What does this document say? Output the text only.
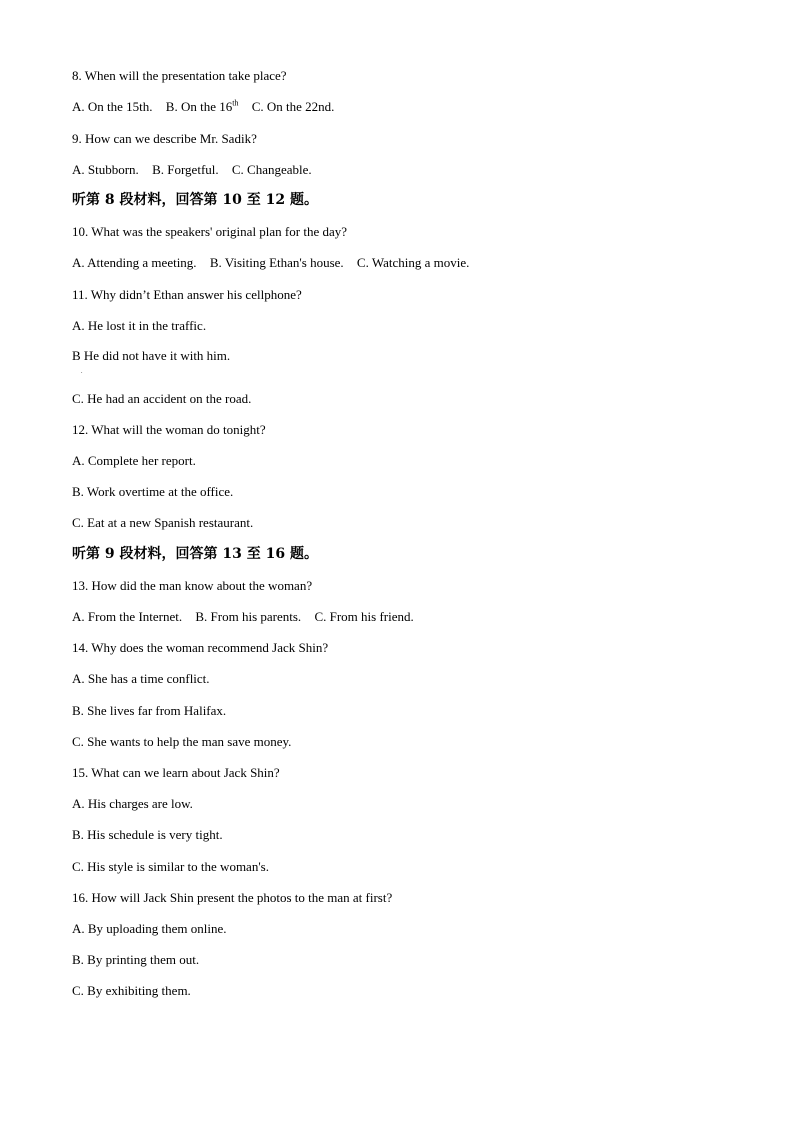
8. When will the presentation take place?
A. On the 15th. B. On the 16th C. On the 22nd.
9. How can we describe Mr. Sadik?
A. Stubborn. B. Forgetful. C. Changeable.
听第 8 段材料，回答第 10 至 12 题。
10. What was the speakers' original plan for the day?
A. Attending a meeting. B. Visiting Ethan's house. C. Watching a movie.
11. Why didn’t Ethan answer his cellphone?
A. He lost it in the traffic.
B He did not have it with him.
.
C. He had an accident on the road.
12. What will the woman do tonight?
A. Complete her report.
B. Work overtime at the office.
C. Eat at a new Spanish restaurant.
听第 9 段材料，回答第 13 至 16 题。
13. How did the man know about the woman?
A. From the Internet. B. From his parents. C. From his friend.
14. Why does the woman recommend Jack Shin?
A. She has a time conflict.
B. She lives far from Halifax.
C. She wants to help the man save money.
15. What can we learn about Jack Shin?
A. His charges are low.
B. His schedule is very tight.
C. His style is similar to the woman's.
16. How will Jack Shin present the photos to the man at first?
A. By uploading them online.
B. By printing them out.
C. By exhibiting them.
